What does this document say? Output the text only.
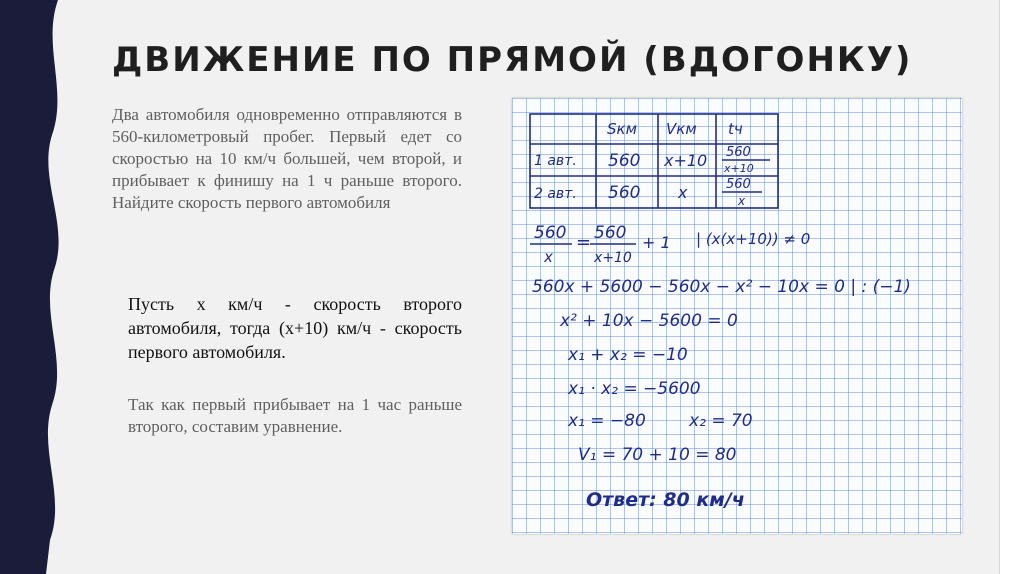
ДВИЖЕНИЕ ПО ПРЯМОЙ (ВДОГОНКУ)
Два автомобиля одновременно отправляются в 560-километровый пробег. Первый едет со скоростью на 10 км/ч большей, чем второй, и прибывает к финишу на 1 ч раньше второго. Найдите скорость первого автомобиля
Пусть х км/ч - скорость второго автомобиля, тогда (х+10) км/ч - скорость первого автомобиля.
Так как первый прибывает на 1 час раньше второго, составим уравнение.
Sкм Vкм tч
1 авт. 560 x+10 560
x+10
2 авт. 560 x	560
x
560
x
= 560
x+10
+ 1 | (x(x+10)) ≠ 0
560x + 5600 − 560x − x² − 10x = 0 | : (−1)
x² + 10x − 5600 = 0
x₁ + x₂ = −10
x₁ · x₂ = −5600
x₁ = −80        x₂ = 70
V₁ = 70 + 10 = 80
Ответ: 80 км/ч
